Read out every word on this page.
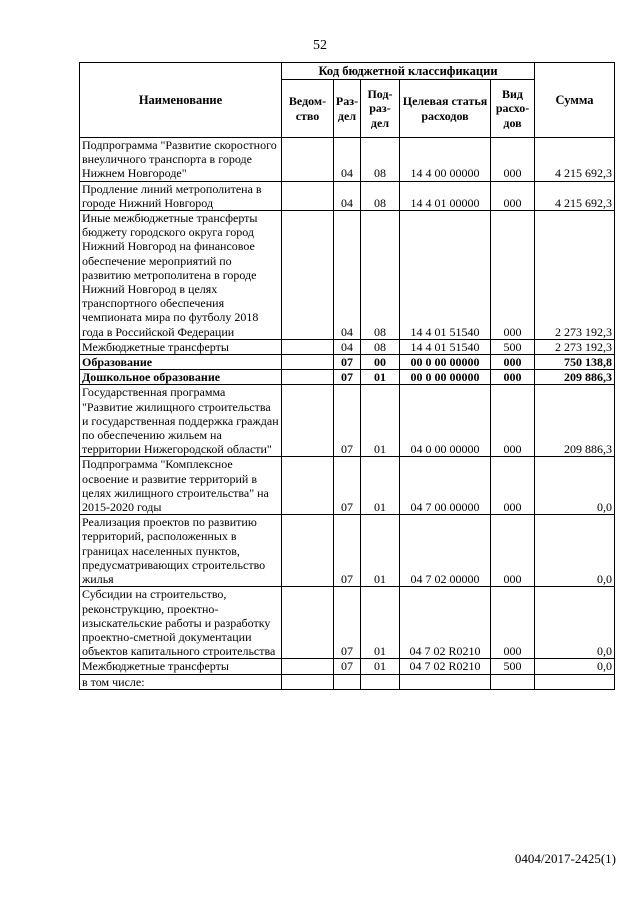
52
Наименование	Код бюджетной классификации					Сумма
	Ведом-ство	Раз-дел	Под-раз-дел	Целевая статья расходов	Вид расхо-дов	
Подпрограмма "Развитие скоростного внеуличного транспорта в городе Нижнем Новгороде"		04	08	14 4 00 00000	000	4 215 692,3
Продление линий метрополитена в городе Нижний Новгород		04	08	14 4 01 00000	000	4 215 692,3
Иные межбюджетные трансферты бюджету городского округа город Нижний Новгород на финансовое обеспечение мероприятий по развитию метрополитена в городе Нижний Новгород в целях транспортного обеспечения чемпионата мира по футболу 2018 года в Российской Федерации		04	08	14 4 01 51540	000	2 273 192,3
Межбюджетные трансферты		04	08	14 4 01 51540	500	2 273 192,3
Образование		07	00	00 0 00 00000	000	750 138,8
Дошкольное образование		07	01	00 0 00 00000	000	209 886,3
Государственная программа "Развитие жилищного строительства и государственная поддержка граждан по обеспечению жильем на территории Нижегородской области"		07	01	04 0 00 00000	000	209 886,3
Подпрограмма "Комплексное освоение и развитие территорий в целях жилищного строительства" на 2015-2020 годы		07	01	04 7 00 00000	000	0,0
Реализация проектов по развитию территорий, расположенных в границах населенных пунктов, предусматривающих строительство жилья		07	01	04 7 02 00000	000	0,0
Субсидии на строительство, реконструкцию, проектно-изыскательские работы и разработку проектно-сметной документации объектов капитального строительства		07	01	04 7 02 R0210	000	0,0
Межбюджетные трансферты		07	01	04 7 02 R0210	500	0,0
в том числе:						
0404/2017-2425(1)
